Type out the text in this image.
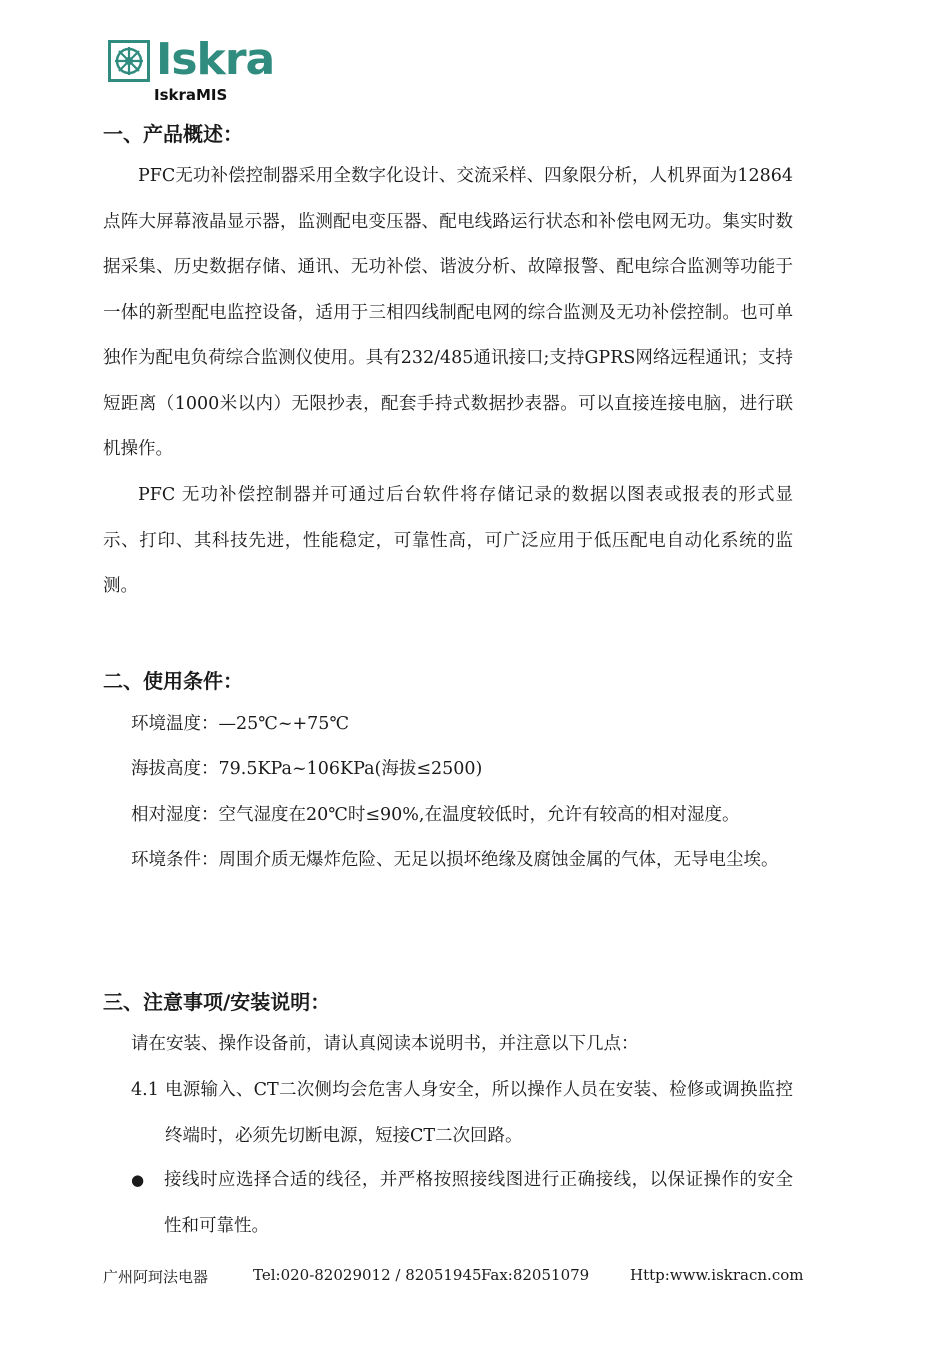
Iskra
IskraMIS
一、产品概述：

PFC无功补偿控制器采用全数字化设计、交流采样、四象限分析，人机界面为12864点阵大屏幕液晶显示器，监测配电变压器、配电线路运行状态和补偿电网无功。集实时数据采集、历史数据存储、通讯、无功补偿、谐波分析、故障报警、配电综合监测等功能于一体的新型配电监控设备，适用于三相四线制配电网的综合监测及无功补偿控制。也可单独作为配电负荷综合监测仪使用。具有232/485通讯接口;支持GPRS网络远程通讯；支持短距离（1000米以内）无限抄表，配套手持式数据抄表器。可以直接连接电脑，进行联机操作。

PFC 无功补偿控制器并可通过后台软件将存储记录的数据以图表或报表的形式显示、打印、其科技先进，性能稳定，可靠性高，可广泛应用于低压配电自动化系统的监测。

二、使用条件：

环境温度：—25℃~+75℃

海拔高度：79.5KPa~106KPa(海拔≤2500)

相对湿度：空气湿度在20℃时≤90%,在温度较低时，允许有较高的相对湿度。

环境条件： 周围介质无爆炸危险、无足以损坏绝缘及腐蚀金属的气体，无导电尘埃。
三、注意事项/安装说明：

请在安装、操作设备前，请认真阅读本说明书，并注意以下几点：

4.1 电源输入、CT二次侧均会危害人身安全，所以操作人员在安装、检修或调换监控终端时，必须先切断电源，短接CT二次回路。
●	接线时应选择合适的线径，并严格按照接线图进行正确接线，以保证操作的安全性和可靠性。
广州阿珂法电器	Tel:020-82029012 / 82051945 Fax:82051079	Http:www.iskracn.com
